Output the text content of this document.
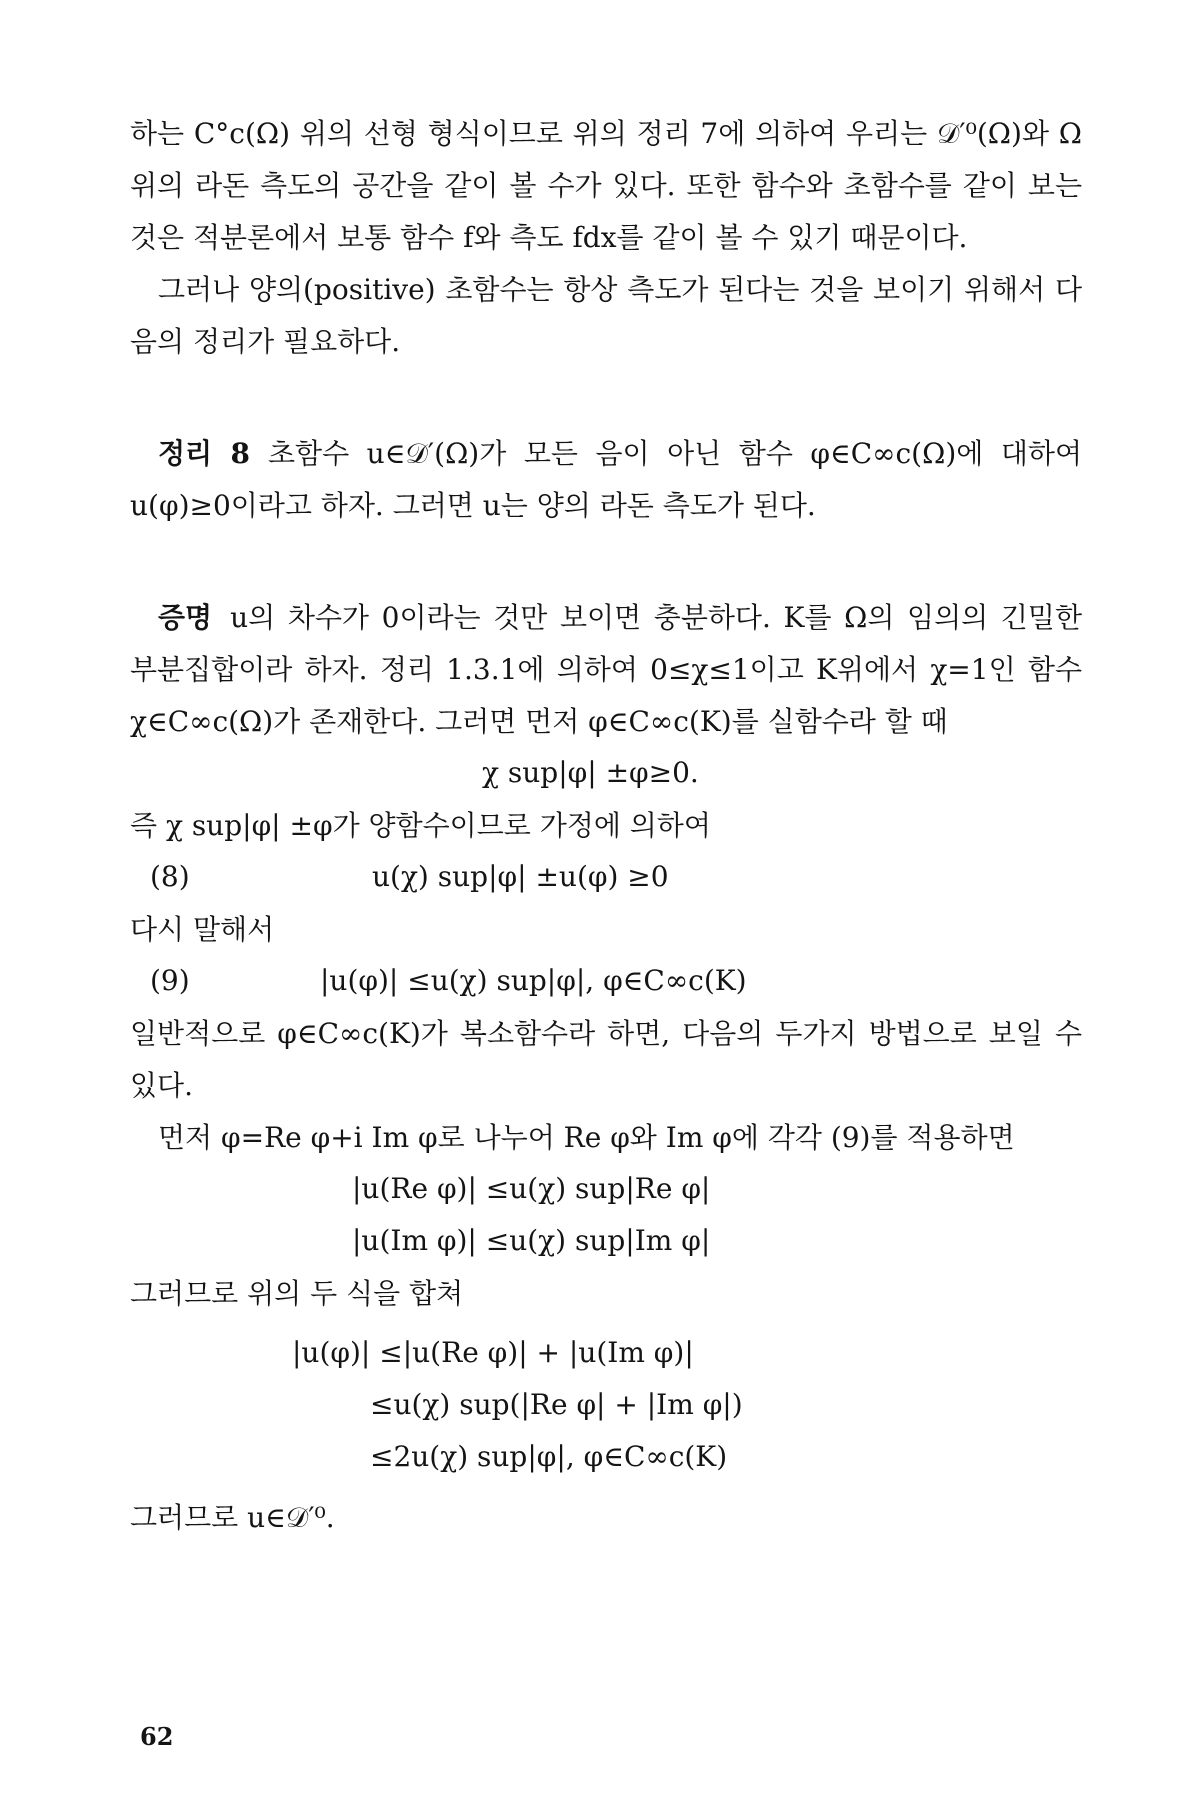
하는 C°c(Ω) 위의 선형 형식이므로 위의 정리 7에 의하여 우리는 𝒟′⁰(Ω)와 Ω위의 라돈 측도의 공간을 같이 볼 수가 있다. 또한 함수와 초함수를 같이 보는 것은 적분론에서 보통 함수 f와 측도 fdx를 같이 볼 수 있기 때문이다.

그러나 양의(positive) 초함수는 항상 측도가 된다는 것을 보이기 위해서 다음의 정리가 필요하다.

정리 8 초함수 u∈𝒟′(Ω)가 모든 음이 아닌 함수 φ∈C∞c(Ω)에 대하여 u(φ)≥0이라고 하자. 그러면 u는 양의 라돈 측도가 된다.

증명 u의 차수가 0이라는 것만 보이면 충분하다. K를 Ω의 임의의 긴밀한 부분집합이라 하자. 정리 1.3.1에 의하여 0≤χ≤1이고 K위에서 χ=1인 함수 χ∈C∞c(Ω)가 존재한다. 그러면 먼저 φ∈C∞c(K)를 실함수라 할 때

χ sup|φ| ±φ≥0.

즉 χ sup|φ| ±φ가 양함수이므로 가정에 의하여

(8)	u(χ) sup|φ| ±u(φ) ≥0

다시 말해서

(9)	|u(φ)| ≤u(χ) sup|φ|, φ∈C∞c(K)

일반적으로 φ∈C∞c(K)가 복소함수라 하면, 다음의 두가지 방법으로 보일 수 있다.

먼저 φ=Re φ+i Im φ로 나누어 Re φ와 Im φ에 각각 (9)를 적용하면

|u(Re φ)| ≤u(χ) sup|Re φ|
|u(Im φ)| ≤u(χ) sup|Im φ|

그러므로 위의 두 식을 합쳐

|u(φ)| ≤|u(Re φ)| + |u(Im φ)|
≤u(χ) sup(|Re φ| + |Im φ|)
≤2u(χ) sup|φ|, φ∈C∞c(K)

그러므로 u∈𝒟′⁰.

62
